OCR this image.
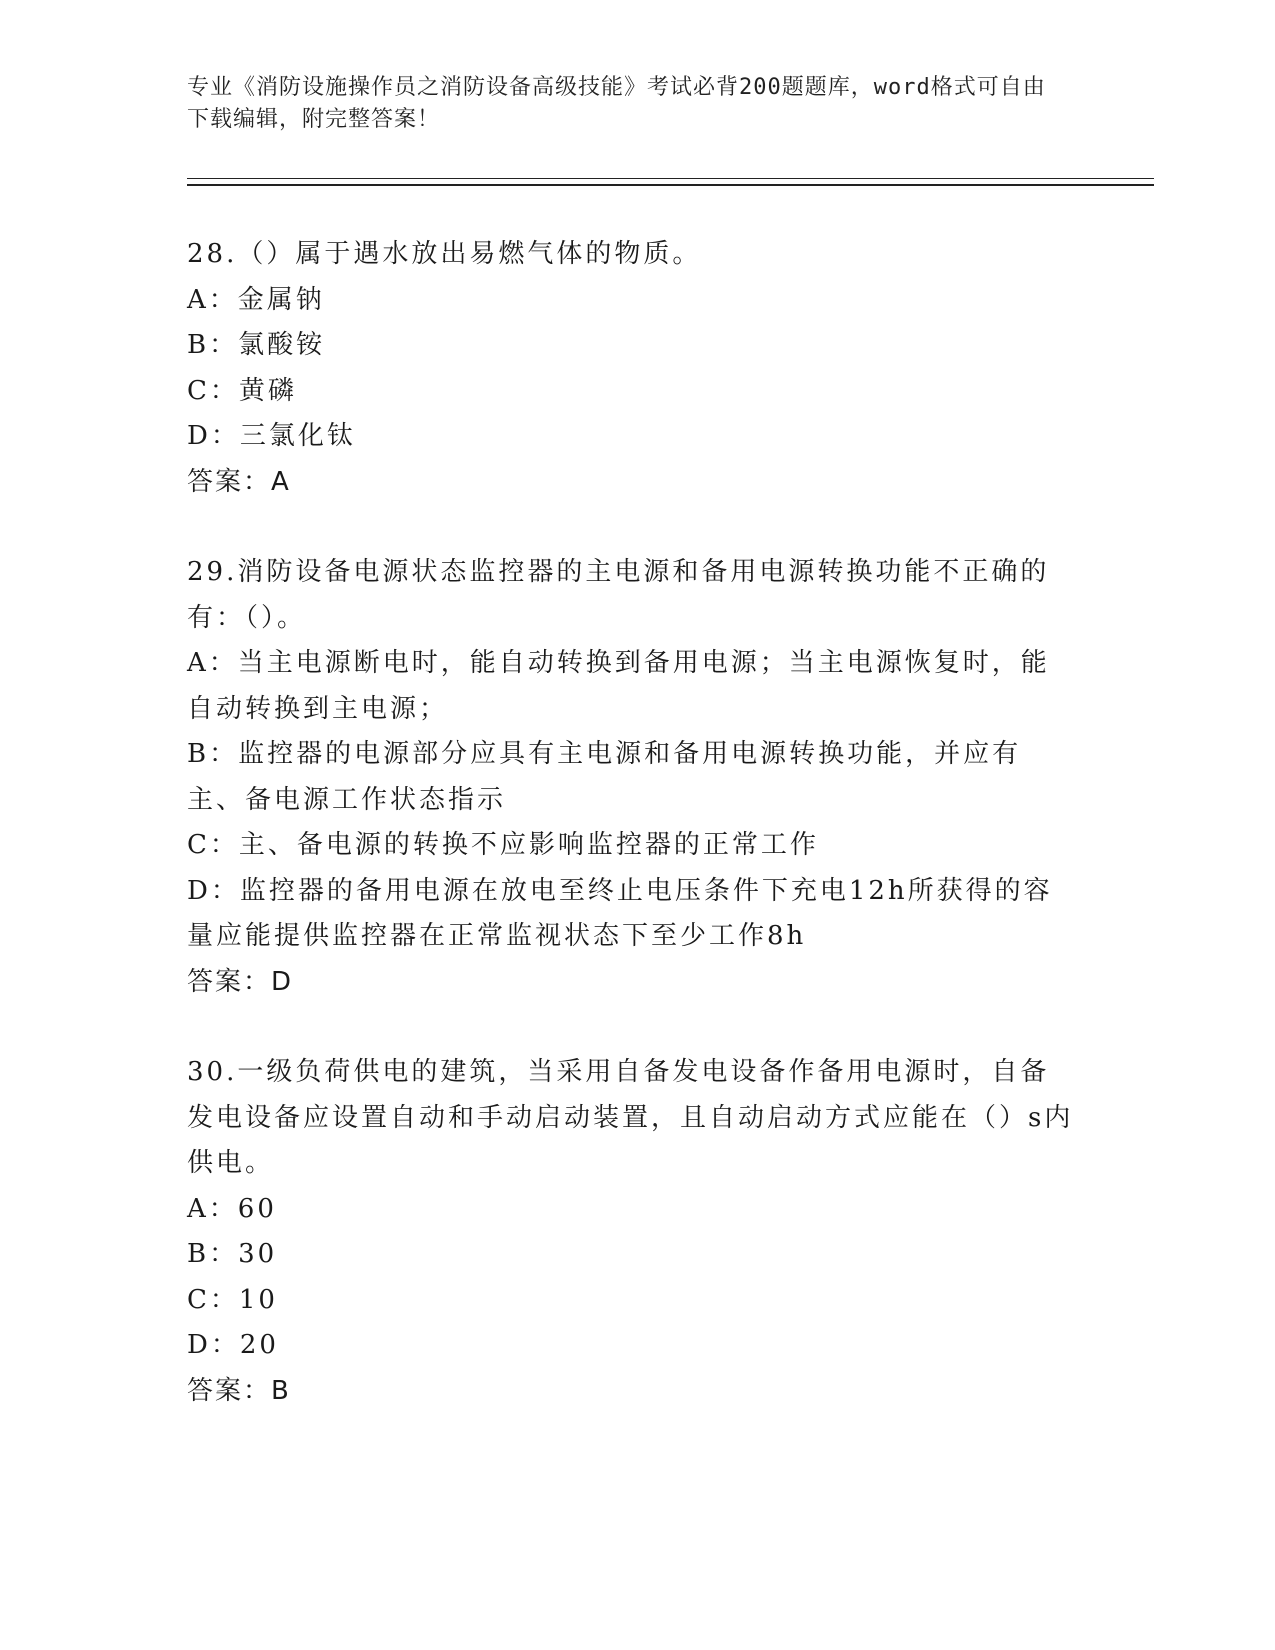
专业《消防设施操作员之消防设备高级技能》考试必背200题题库，word格式可自由下载编辑，附完整答案！
28.（）属于遇水放出易燃气体的物质。
A：金属钠
B：氯酸铵
C：黄磷
D：三氯化钛
答案：A
29.消防设备电源状态监控器的主电源和备用电源转换功能不正确的有：（）。
A：当主电源断电时，能自动转换到备用电源；当主电源恢复时，能自动转换到主电源；
B：监控器的电源部分应具有主电源和备用电源转换功能，并应有主、备电源工作状态指示
C：主、备电源的转换不应影响监控器的正常工作
D：监控器的备用电源在放电至终止电压条件下充电12h所获得的容量应能提供监控器在正常监视状态下至少工作8h
答案：D
30.一级负荷供电的建筑，当采用自备发电设备作备用电源时，自备发电设备应设置自动和手动启动装置，且自动启动方式应能在（）s内供电。
A：60
B：30
C：10
D：20
答案：B
